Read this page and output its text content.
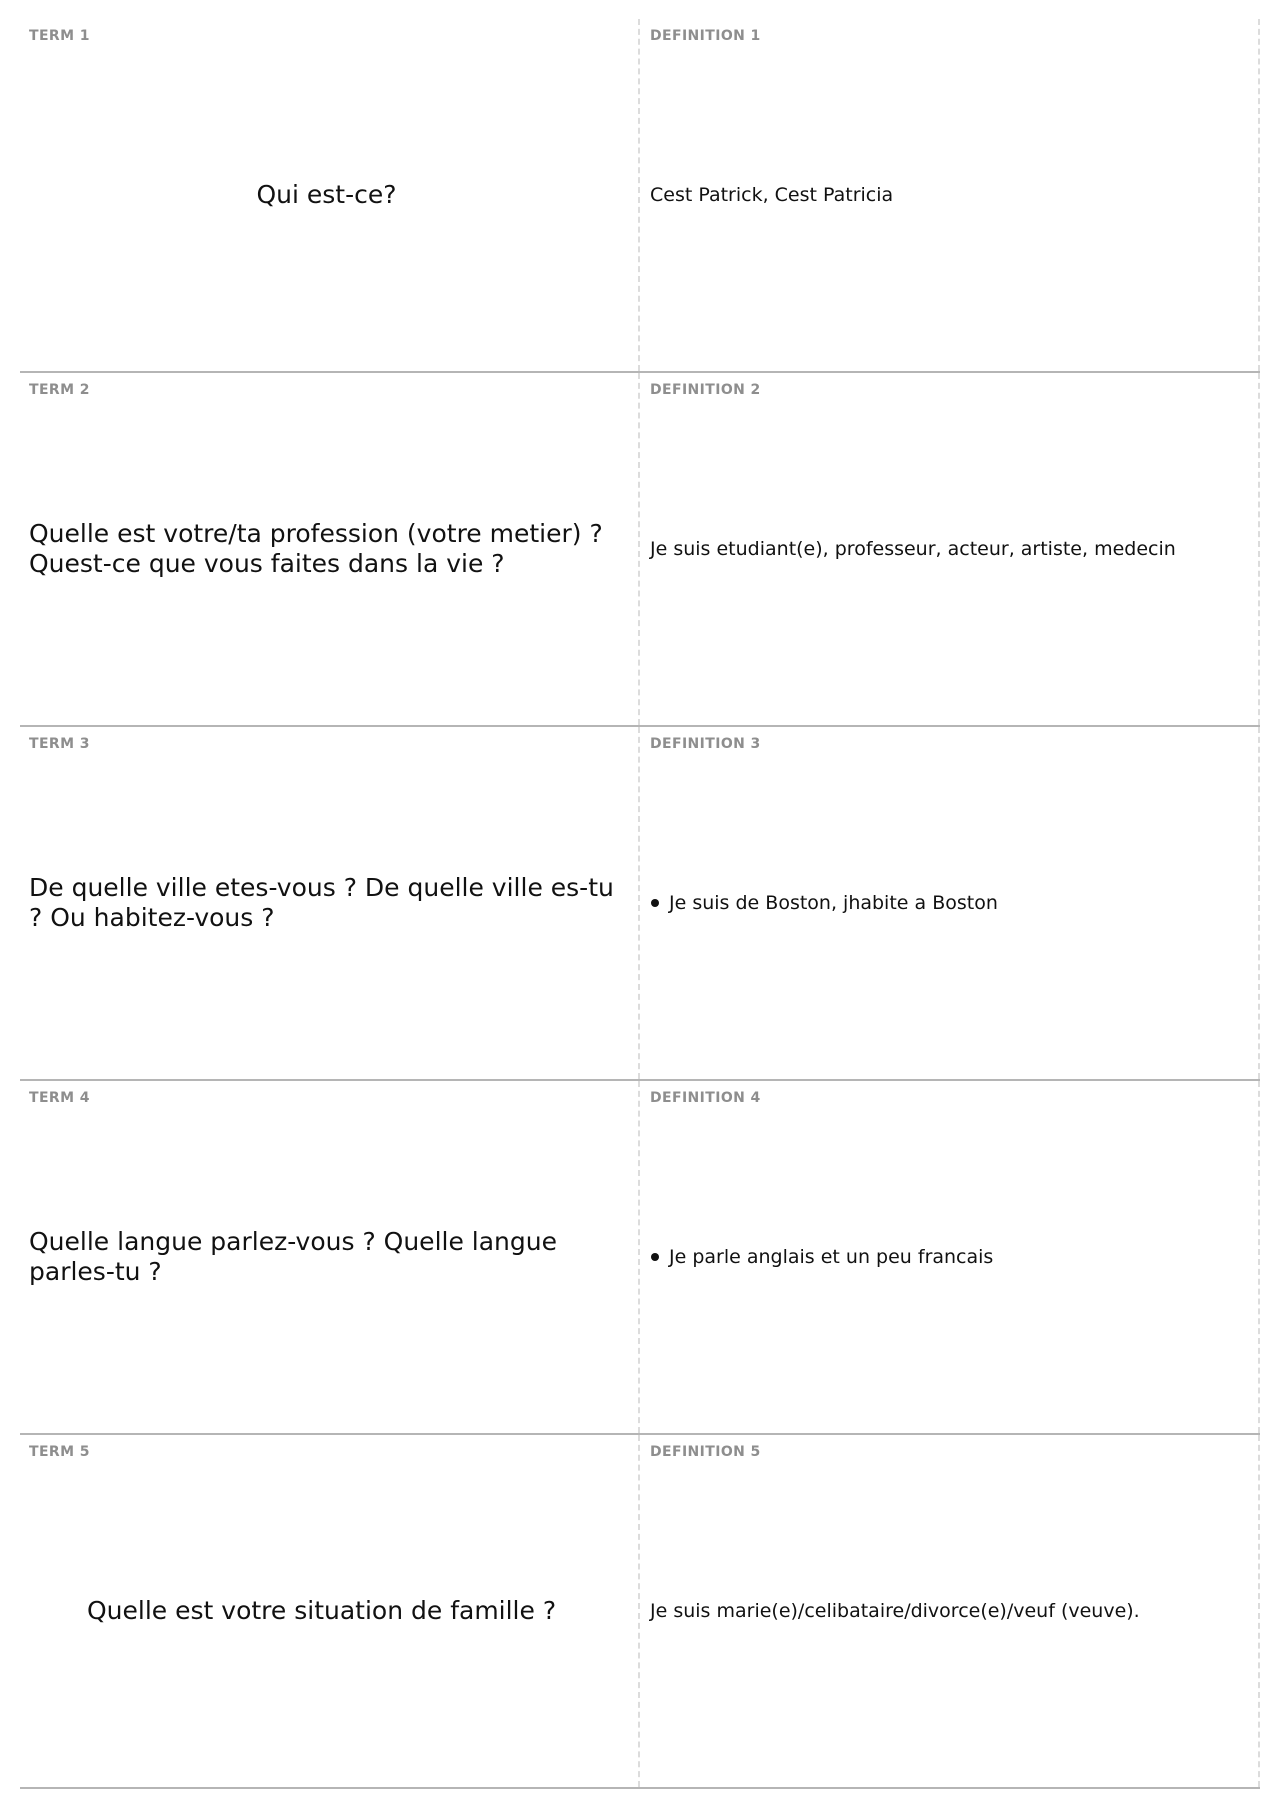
TERM 1
Qui est-ce?
DEFINITION 1
Cest Patrick, Cest Patricia
TERM 2
Quelle est votre/ta profession (votre metier) ? Quest-ce que vous faites dans la vie ?
DEFINITION 2
Je suis etudiant(e), professeur, acteur, artiste, medecin
TERM 3
De quelle ville etes-vous ? De quelle ville es-tu ? Ou habitez-vous ?
DEFINITION 3
Je suis de Boston, jhabite a Boston
TERM 4
Quelle langue parlez-vous ? Quelle langue parles-tu ?
DEFINITION 4
Je parle anglais et un peu francais
TERM 5
Quelle est votre situation de famille ?
DEFINITION 5
Je suis marie(e)/celibataire/divorce(e)/veuf (veuve).
